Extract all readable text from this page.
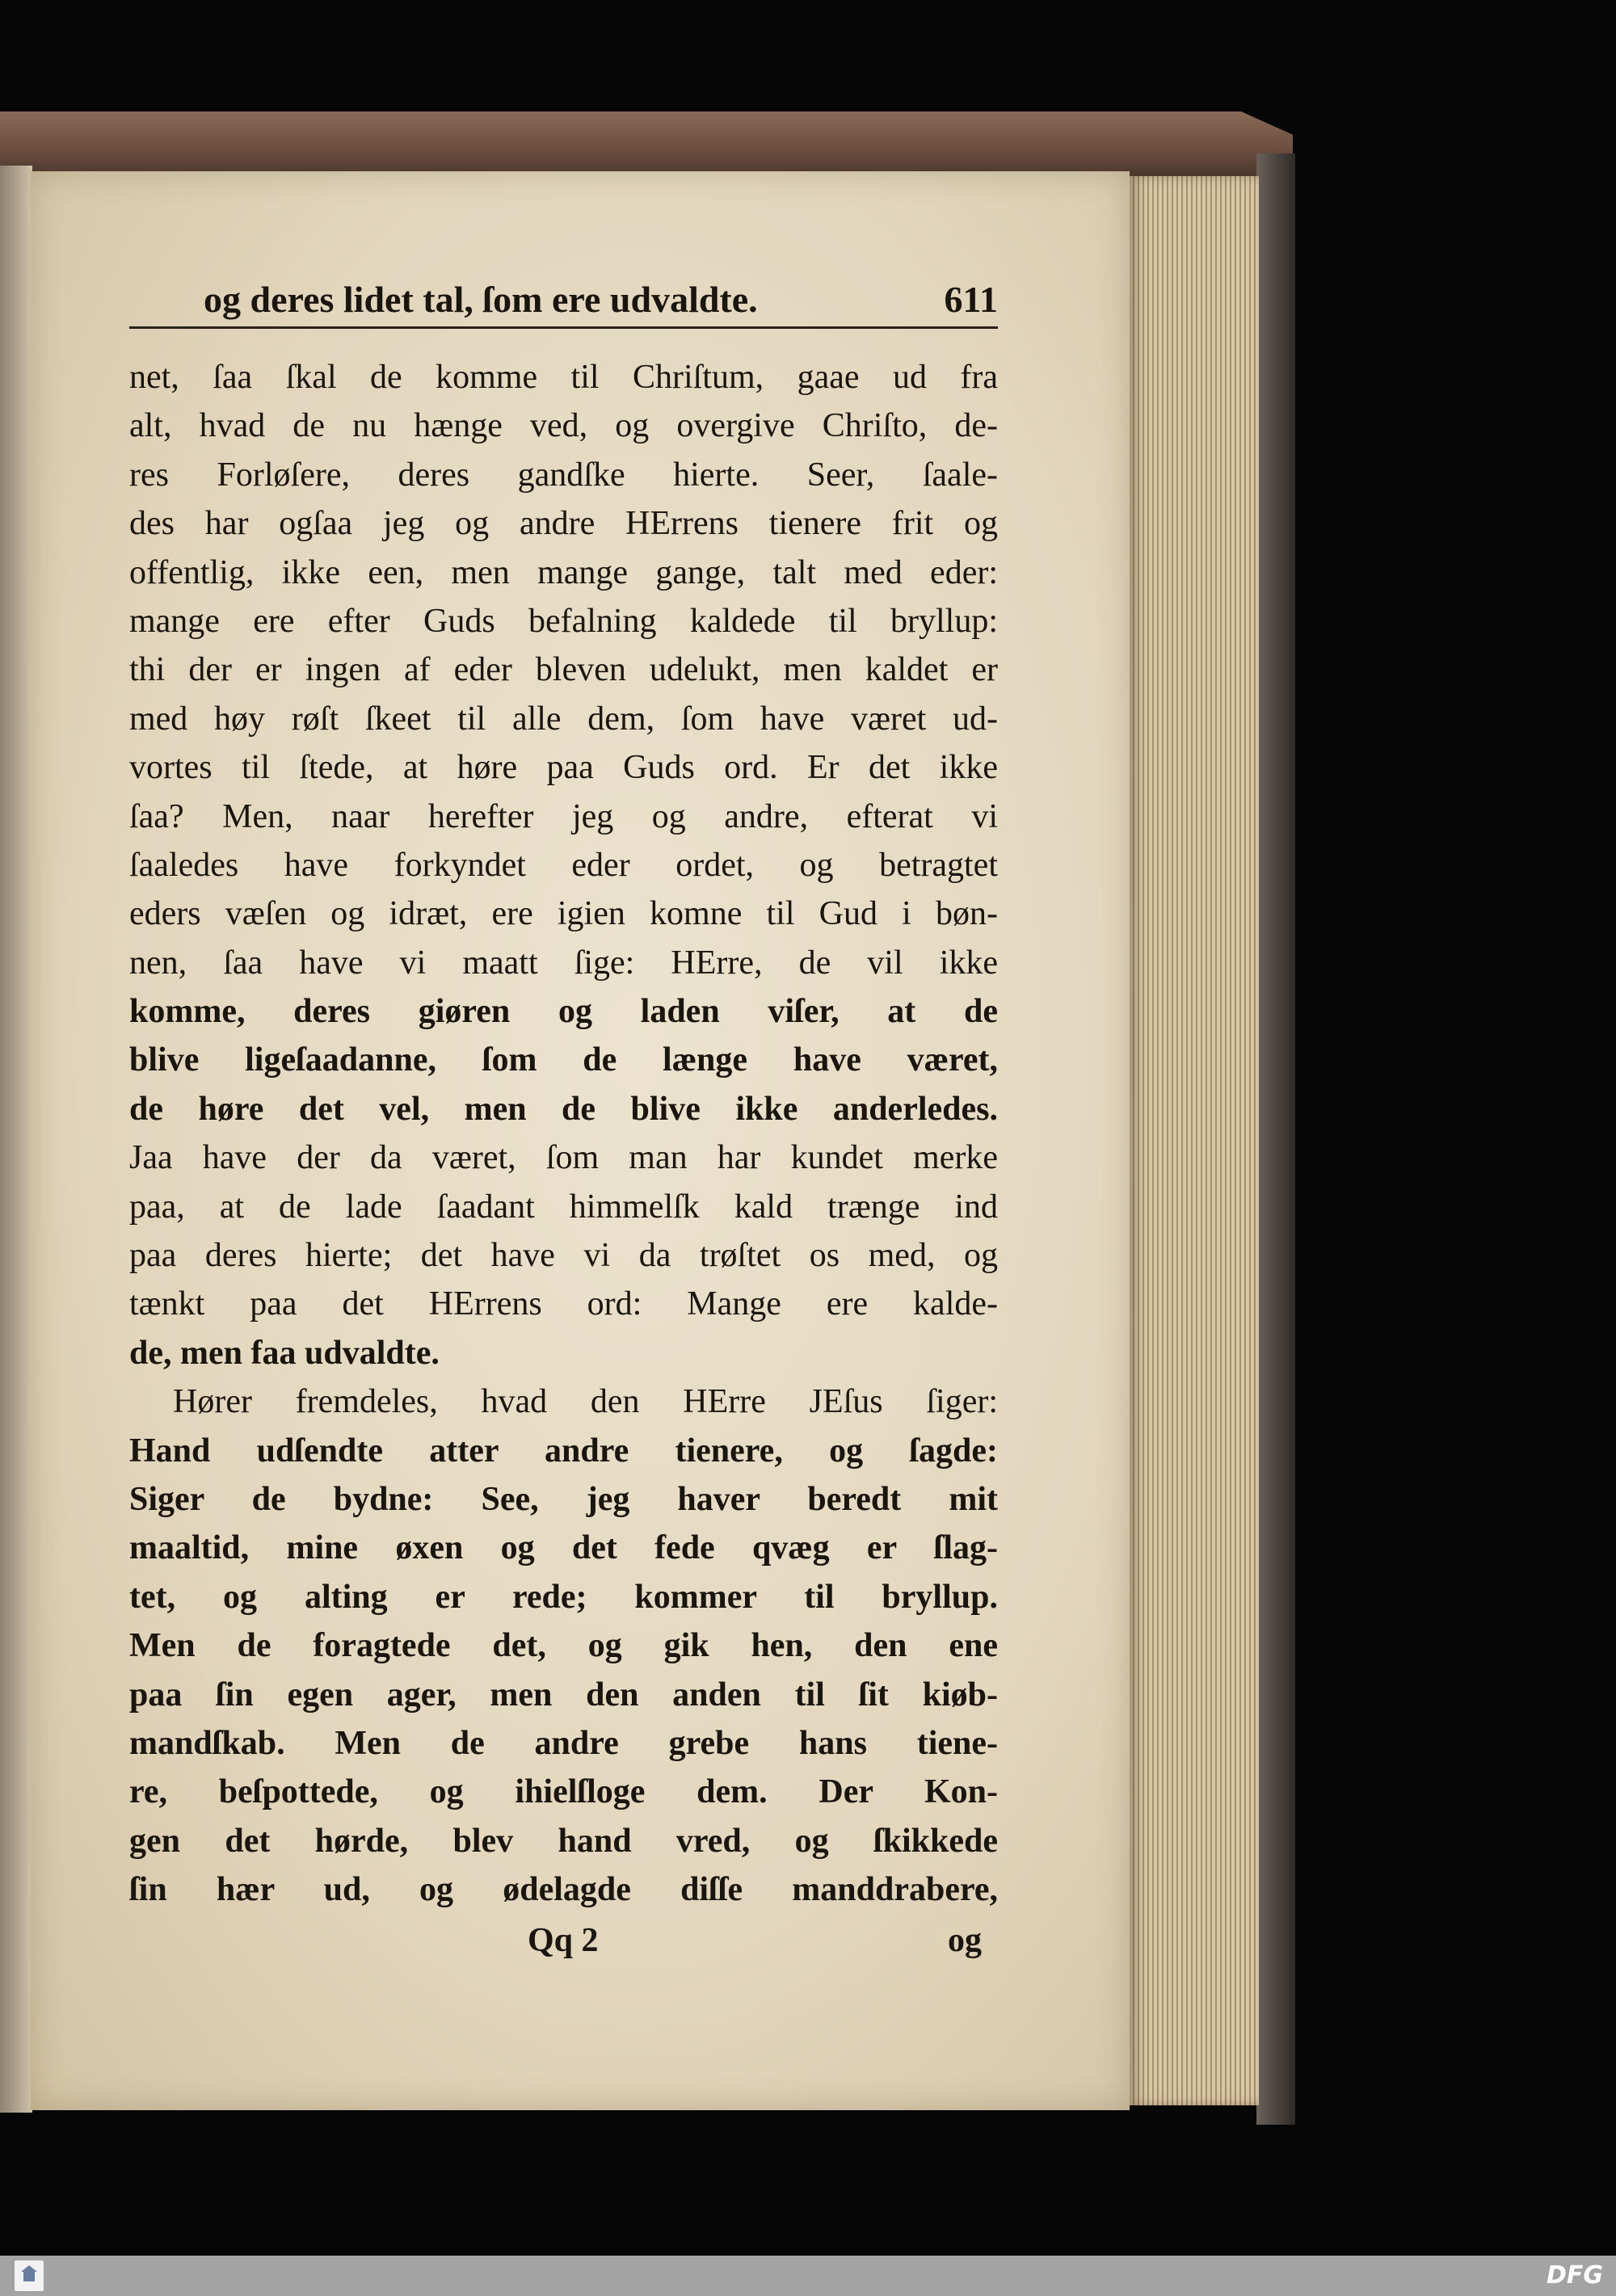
og deres lidet tal, ſom ere udvaldte.	611
net, ſaa ſkal de komme til Chriſtum, gaae ud fra
alt, hvad de nu hænge ved, og overgive Chriſto, de-
res Forløſere, deres gandſke hierte. Seer, ſaale-
des har ogſaa jeg og andre HErrens tienere frit og
offentlig, ikke een, men mange gange, talt med eder:
mange ere efter Guds befalning kaldede til bryllup:
thi der er ingen af eder bleven udelukt, men kaldet er
med høy røſt ſkeet til alle dem, ſom have været ud-
vortes til ſtede, at høre paa Guds ord. Er det ikke
ſaa? Men, naar herefter jeg og andre, efterat vi
ſaaledes have forkyndet eder ordet, og betragtet
eders væſen og idræt, ere igien komne til Gud i bøn-
nen, ſaa have vi maatt ſige: HErre, de vil ikke
komme, deres giøren og laden viſer, at de
blive ligeſaadanne, ſom de længe have været,
de høre det vel, men de blive ikke anderledes.
Jaa have der da været, ſom man har kundet merke
paa, at de lade ſaadant himmelſk kald trænge ind
paa deres hierte; det have vi da trøſtet os med, og
tænkt paa det HErrens ord: Mange ere kalde-
de, men faa udvaldte.
Hører fremdeles, hvad den HErre JEſus ſiger:
Hand udſendte atter andre tienere, og ſagde:
Siger de bydne: See, jeg haver beredt mit
maaltid, mine øxen og det fede qvæg er ſlag-
tet, og alting er rede; kommer til bryllup.
Men de foragtede det, og gik hen, den ene
paa ſin egen ager, men den anden til ſit kiøb-
mandſkab. Men de andre grebe hans tiene-
re, beſpottede, og ihielſloge dem. Der Kon-
gen det hørde, blev hand vred, og ſkikkede
ſin hær ud, og ødelagde diſſe manddrabere,
Qq 2	og
DFG
